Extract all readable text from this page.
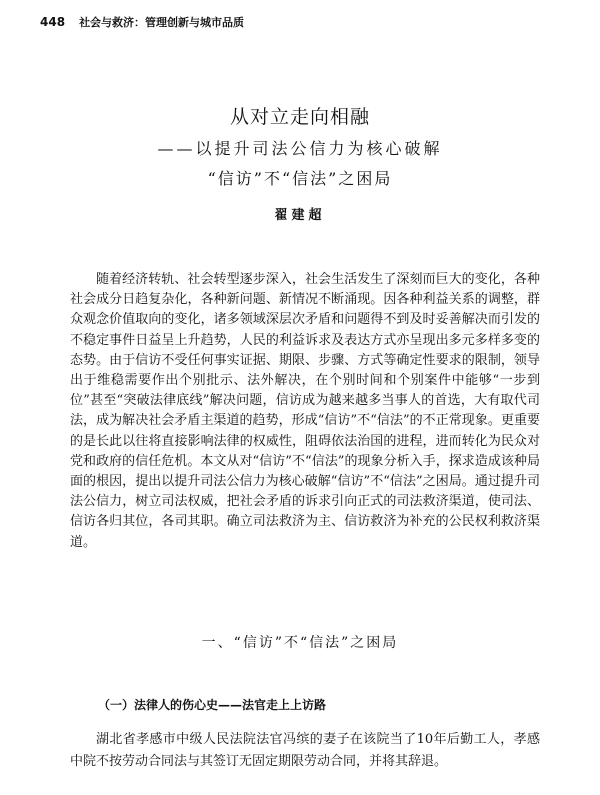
448 社会与救济：管理创新与城市品质
从对立走向相融
——以提升司法公信力为核心破解
“信访”不“信法”之困局
翟建超
随着经济转轨、社会转型逐步深入，社会生活发生了深刻而巨大的变化，各种社会成分日趋复杂化，各种新问题、新情况不断涌现。因各种利益关系的调整，群众观念价值取向的变化，诸多领域深层次矛盾和问题得不到及时妥善解决而引发的不稳定事件日益呈上升趋势，人民的利益诉求及表达方式亦呈现出多元多样多变的态势。由于信访不受任何事实证据、期限、步骤、方式等确定性要求的限制，领导出于维稳需要作出个别批示、法外解决，在个别时间和个别案件中能够“一步到位”甚至“突破法律底线”解决问题，信访成为越来越多当事人的首选，大有取代司法，成为解决社会矛盾主渠道的趋势，形成“信访”不“信法”的不正常现象。更重要的是长此以往将直接影响法律的权威性，阻碍依法治国的进程，进而转化为民众对党和政府的信任危机。本文从对“信访”不“信法”的现象分析入手，探求造成该种局面的根因，提出以提升司法公信力为核心破解“信访”不“信法”之困局。通过提升司法公信力，树立司法权威，把社会矛盾的诉求引向正式的司法救济渠道，使司法、信访各归其位，各司其职。确立司法救济为主、信访救济为补充的公民权利救济渠道。
一、“信访”不“信法”之困局
（一）法律人的伤心史——法官走上上访路
湖北省孝感市中级人民法院法官冯缤的妻子在该院当了10年后勤工人，孝感中院不按劳动合同法与其签订无固定期限劳动合同，并将其辞退。
